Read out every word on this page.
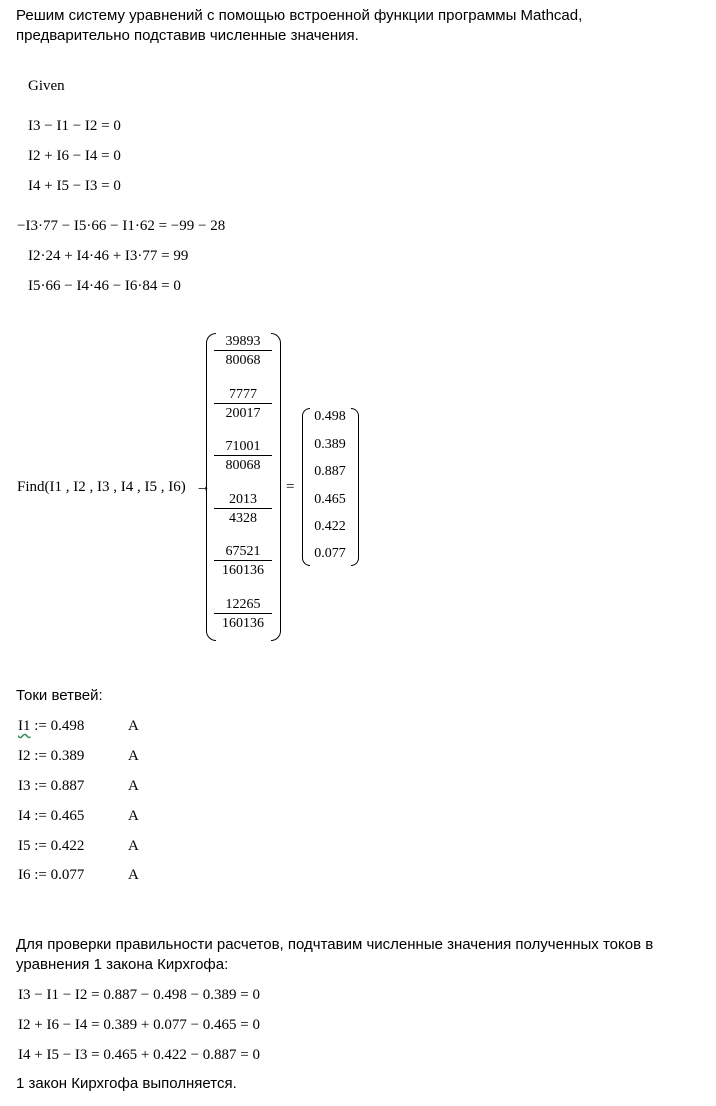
Решим систему уравнений с помощью встроенной функции программы Mathcad,
предварительно подставив численные значения.
Given
I3 − I1 − I2 = 0
I2 + I6 − I4 = 0
I4 + I5 − I3 = 0
−I3·77 − I5·66 − I1·62 = −99 − 28
I2·24 + I4·46 + I3·77 = 99
I5·66 − I4·46 − I6·84 = 0
Find(I1 , I2 , I3 , I4 , I5 , I6) →
$\frac{39893}{80068}$
$\frac{7777}{20017}$
$\frac{71001}{80068}$
$\frac{2013}{4328}$
$\frac{67521}{160136}$
$\frac{12265}{160136}$
=
0.498
0.389
0.887
0.465
0.422
0.077
Токи ветвей:
I1 := 0.498	A
I2 := 0.389	A
I3 := 0.887	A
I4 := 0.465	A
I5 := 0.422	A
I6 := 0.077	A
Для проверки правильности расчетов, подчтавим численные значения полученных токов в
уравнения 1 закона Кирхгофа:
I3 − I1 − I2 = 0.887 − 0.498 − 0.389 = 0
I2 + I6 − I4 = 0.389 + 0.077 − 0.465 = 0
I4 + I5 − I3 = 0.465 + 0.422 − 0.887 = 0
1 закон Кирхгофа выполняется.
